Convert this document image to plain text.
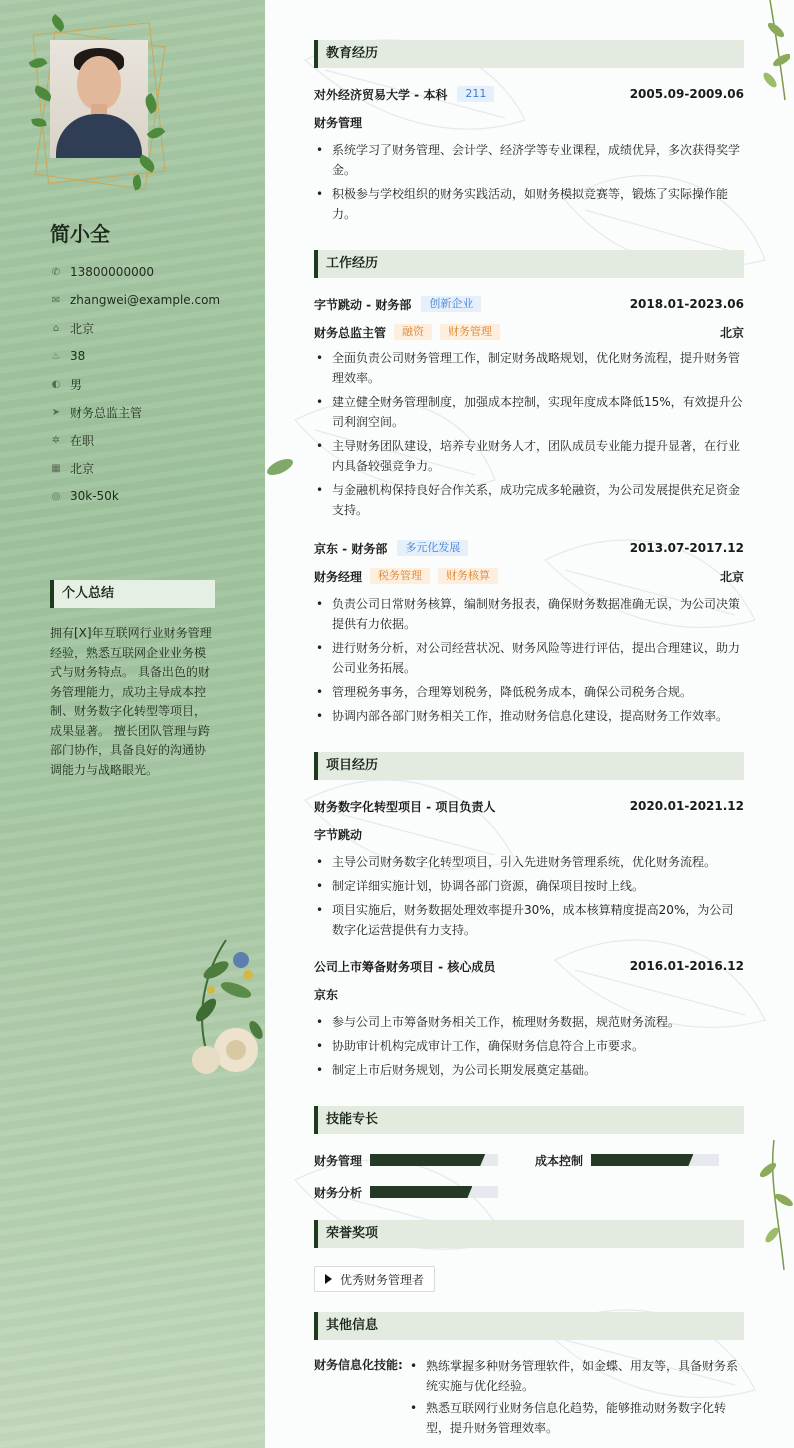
简小全
✆ 13800000000
✉ zhangwei@example.com
⌂ 北京
♨ 38
◐ 男
➤ 财务总监主管
✲ 在职
▦ 北京
◎ 30k-50k
个人总结
拥有[X]年互联网行业财务管理经验，熟悉互联网企业业务模式与财务特点。 具备出色的财务管理能力，成功主导成本控制、财务数字化转型等项目，成果显著。 擅长团队管理与跨部门协作，具备良好的沟通协调能力与战略眼光。
教育经历
对外经济贸易大学 - 本科	211	2005.09-2009.06
财务管理
• 系统学习了财务管理、会计学、经济学等专业课程，成绩优异，多次获得奖学金。
• 积极参与学校组织的财务实践活动，如财务模拟竞赛等，锻炼了实际操作能力。
工作经历
字节跳动 - 财务部	创新企业	2018.01-2023.06
财务总监主管	融资	财务管理	北京
• 全面负责公司财务管理工作，制定财务战略规划，优化财务流程，提升财务管理效率。
• 建立健全财务管理制度，加强成本控制，实现年度成本降低15%，有效提升公司利润空间。
• 主导财务团队建设，培养专业财务人才，团队成员专业能力提升显著，在行业内具备较强竞争力。
• 与金融机构保持良好合作关系，成功完成多轮融资，为公司发展提供充足资金支持。
京东 - 财务部	多元化发展	2013.07-2017.12
财务经理	税务管理	财务核算	北京
• 负责公司日常财务核算，编制财务报表，确保财务数据准确无误，为公司决策提供有力依据。
• 进行财务分析，对公司经营状况、财务风险等进行评估，提出合理建议，助力公司业务拓展。
• 管理税务事务，合理筹划税务，降低税务成本，确保公司税务合规。
• 协调内部各部门财务相关工作，推动财务信息化建设，提高财务工作效率。
项目经历
财务数字化转型项目 - 项目负责人	2020.01-2021.12
字节跳动
• 主导公司财务数字化转型项目，引入先进财务管理系统，优化财务流程。
• 制定详细实施计划，协调各部门资源，确保项目按时上线。
• 项目实施后，财务数据处理效率提升30%，成本核算精度提高20%，为公司数字化运营提供有力支持。
公司上市筹备财务项目 - 核心成员	2016.01-2016.12
京东
• 参与公司上市筹备财务相关工作，梳理财务数据，规范财务流程。
• 协助审计机构完成审计工作，确保财务信息符合上市要求。
• 制定上市后财务规划，为公司长期发展奠定基础。
技能专长
财务管理	成本控制
财务分析
荣誉奖项
优秀财务管理者
其他信息
财务信息化技能:
•	熟练掌握多种财务管理软件，如金蝶、用友等，具备财务系统实施与优化经验。
• 熟悉互联网行业财务信息化趋势，能够推动财务数字化转型，提升财务管理效率。
